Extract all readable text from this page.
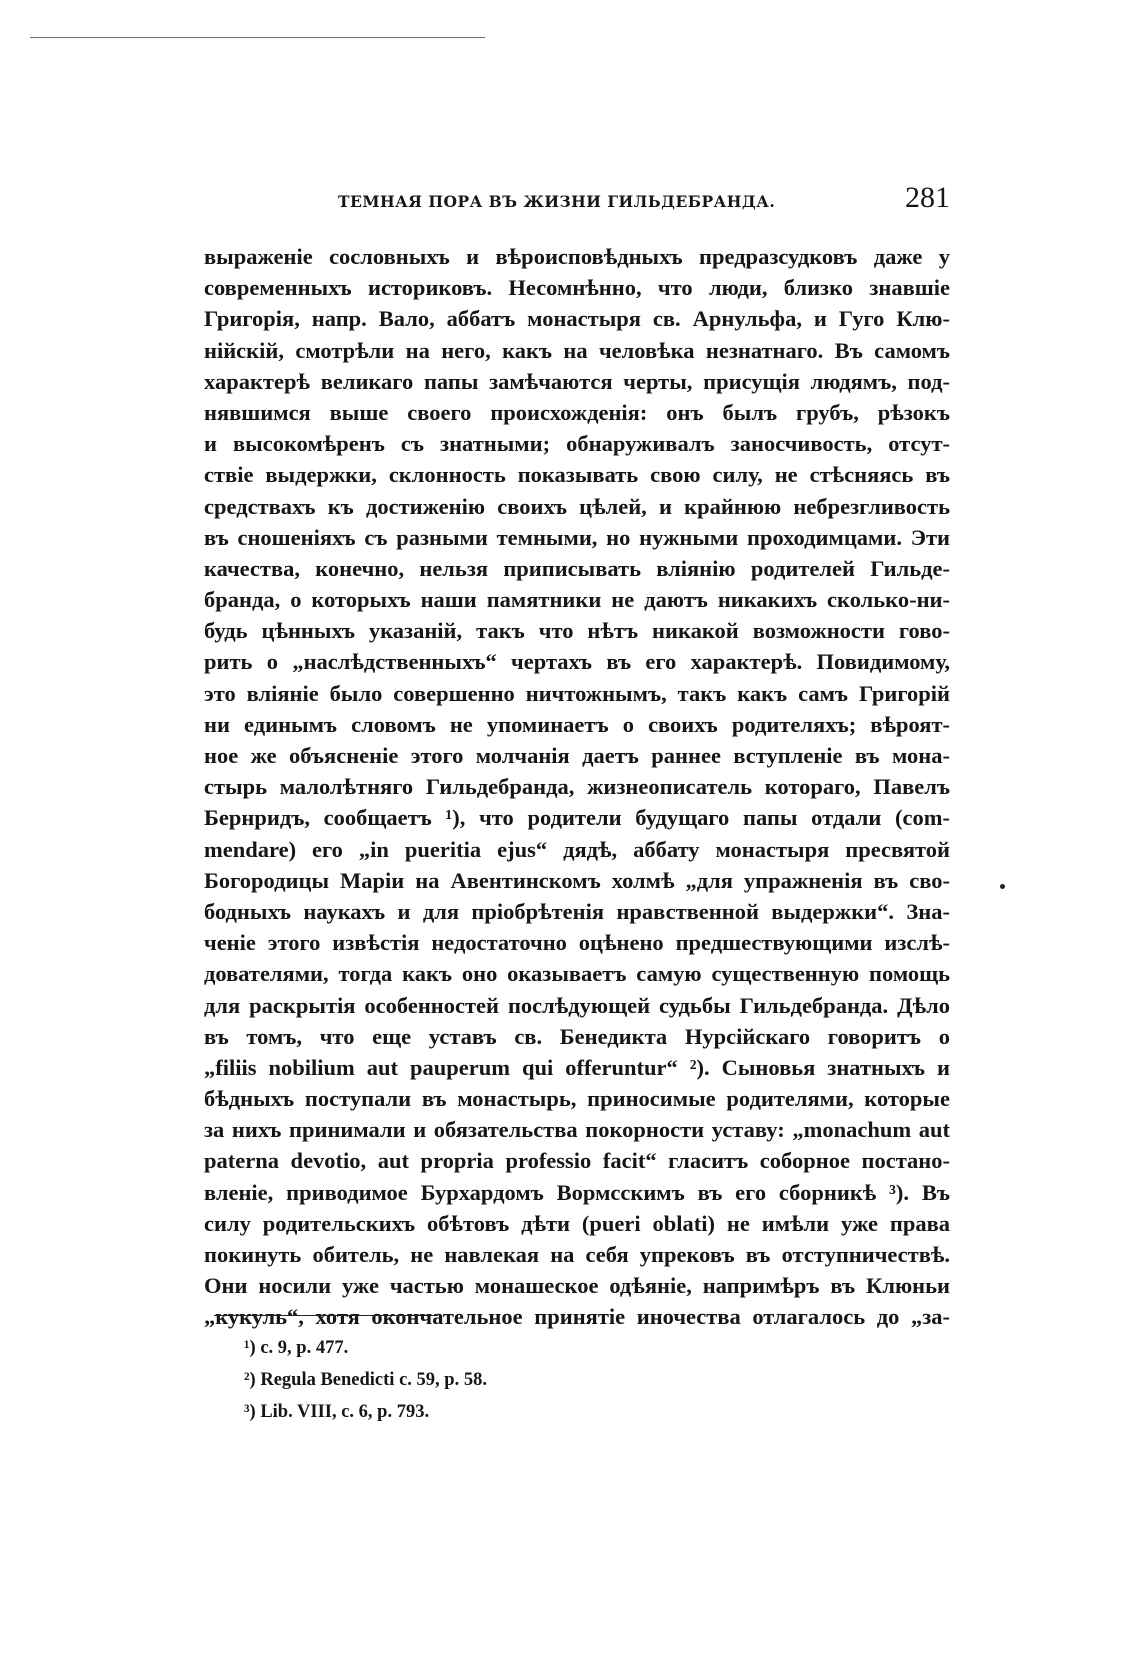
ТЕМНАЯ ПОРА ВЪ ЖИЗНИ ГИЛЬДЕБРАНДА.	281
выраженіе сословныхъ и вѣроисповѣдныхъ предразсудковъ даже у
современныхъ историковъ. Несомнѣнно, что люди, близко знавшіе
Григорія, напр. Вало, аббатъ монастыря св. Арнульфа, и Гуго Клю-
нійскій, смотрѣли на него, какъ на человѣка незнатнаго. Въ самомъ
характерѣ великаго папы замѣчаются черты, присущія людямъ, под-
нявшимся выше своего происхожденія: онъ былъ грубъ, рѣзокъ
и высокомѣренъ съ знатными; обнаруживалъ заносчивость, отсут-
ствіе выдержки, склонность показывать свою силу, не стѣсняясь въ
средствахъ къ достиженію своихъ цѣлей, и крайнюю небрезгливость
въ сношеніяхъ съ разными темными, но нужными проходимцами. Эти
качества, конечно, нельзя приписывать вліянію родителей Гильде-
бранда, о которыхъ наши памятники не даютъ никакихъ сколько-ни-
будь цѣнныхъ указаній, такъ что нѣтъ никакой возможности гово-
рить о „наслѣдственныхъ“ чертахъ въ его характерѣ. Повидимому,
это вліяніе было совершенно ничтожнымъ, такъ какъ самъ Григорій
ни единымъ словомъ не упоминаетъ о своихъ родителяхъ; вѣроят-
ное же объясненіе этого молчанія даетъ раннее вступленіе въ мона-
стырь малолѣтняго Гильдебранда, жизнеописатель котораго, Павелъ
Бернридъ, сообщаетъ ¹), что родители будущаго папы отдали (com-
mendare) его „in pueritia ejus“ дядѣ, аббату монастыря пресвятой
Богородицы Маріи на Авентинскомъ холмѣ „для упражненія въ сво-
бодныхъ наукахъ и для пріобрѣтенія нравственной выдержки“. Зна-
ченіе этого извѣстія недостаточно оцѣнено предшествующими изслѣ-
дователями, тогда какъ оно оказываетъ самую существенную помощь
для раскрытія особенностей послѣдующей судьбы Гильдебранда. Дѣло
въ томъ, что еще уставъ св. Бенедикта Нурсійскаго говоритъ о
„filiis nobilium aut pauperum qui offeruntur“ ²). Сыновья знатныхъ и
бѣдныхъ поступали въ монастырь, приносимые родителями, которые
за нихъ принимали и обязательства покорности уставу: „monachum aut
paterna devotio, aut propria professio facit“ гласитъ соборное постано-
вленіе, приводимое Бурхардомъ Вормсскимъ въ его сборникѣ ³). Въ
силу родительскихъ обѣтовъ дѣти (pueri oblati) не имѣли уже права
покинуть обитель, не навлекая на себя упрековъ въ отступничествѣ.
Они носили уже частью монашеское одѣяніе, напримѣръ въ Клюньи
„кукуль“, хотя окончательное принятіе иночества отлагалось до „за-
¹) c. 9, p. 477.
²) Regula Benedicti c. 59, p. 58.
³) Lib. VIII, c. 6, p. 793.
